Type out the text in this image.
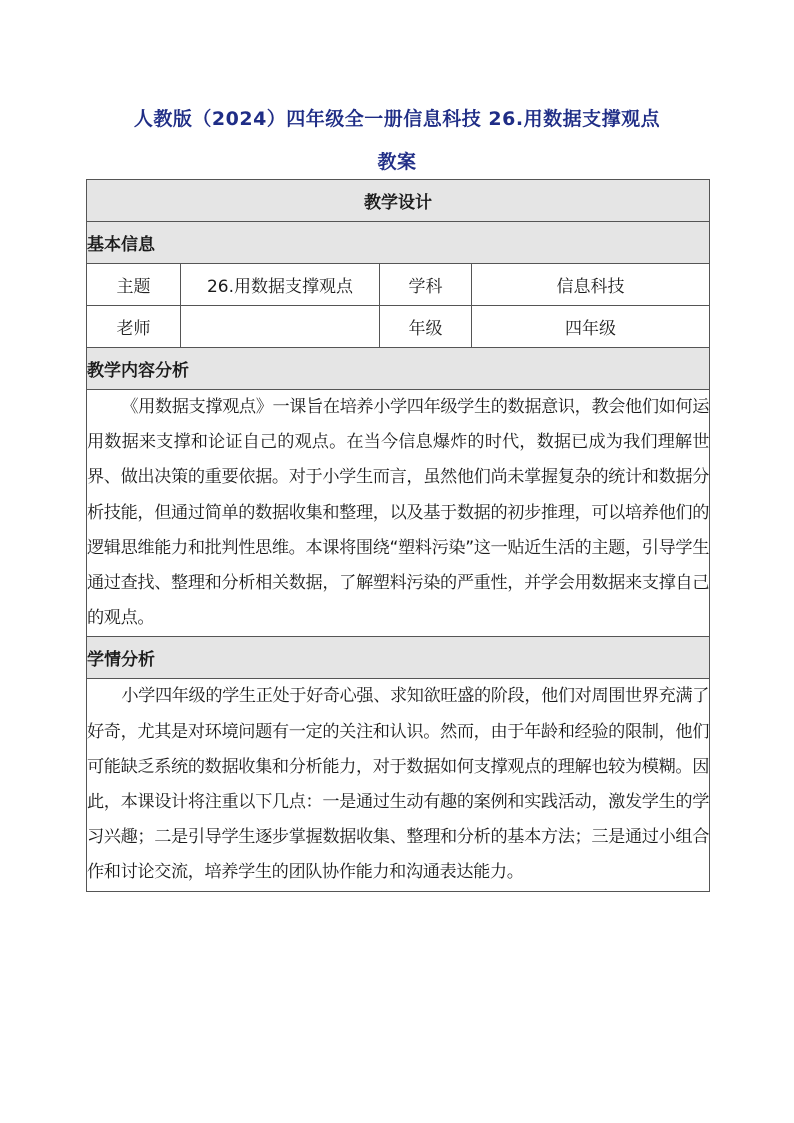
人教版（2024）四年级全一册信息科技 26.用数据支撑观点
教案
教学设计			
基本信息			
主题	26.用数据支撑观点	学科	信息科技
老师		年级	四年级
教学内容分析			

《用数据支撑观点》一课旨在培养小学四年级学生的数据意识，教会他们如何运用数据来支撑和论证自己的观点。在当今信息爆炸的时代，数据已成为我们理解世界、做出决策的重要依据。对于小学生而言，虽然他们尚未掌握复杂的统计和数据分析技能，但通过简单的数据收集和整理，以及基于数据的初步推理，可以培养他们的逻辑思维能力和批判性思维。本课将围绕“塑料污染”这一贴近生活的主题，引导学生通过查找、整理和分析相关数据，了解塑料污染的严重性，并学会用数据来支撑自己的观点。			

学情分析			

小学四年级的学生正处于好奇心强、求知欲旺盛的阶段，他们对周围世界充满了好奇，尤其是对环境问题有一定的关注和认识。然而，由于年龄和经验的限制，他们可能缺乏系统的数据收集和分析能力，对于数据如何支撑观点的理解也较为模糊。因此，本课设计将注重以下几点：一是通过生动有趣的案例和实践活动，激发学生的学习兴趣；二是引导学生逐步掌握数据收集、整理和分析的基本方法；三是通过小组合作和讨论交流，培养学生的团队协作能力和沟通表达能力。			
